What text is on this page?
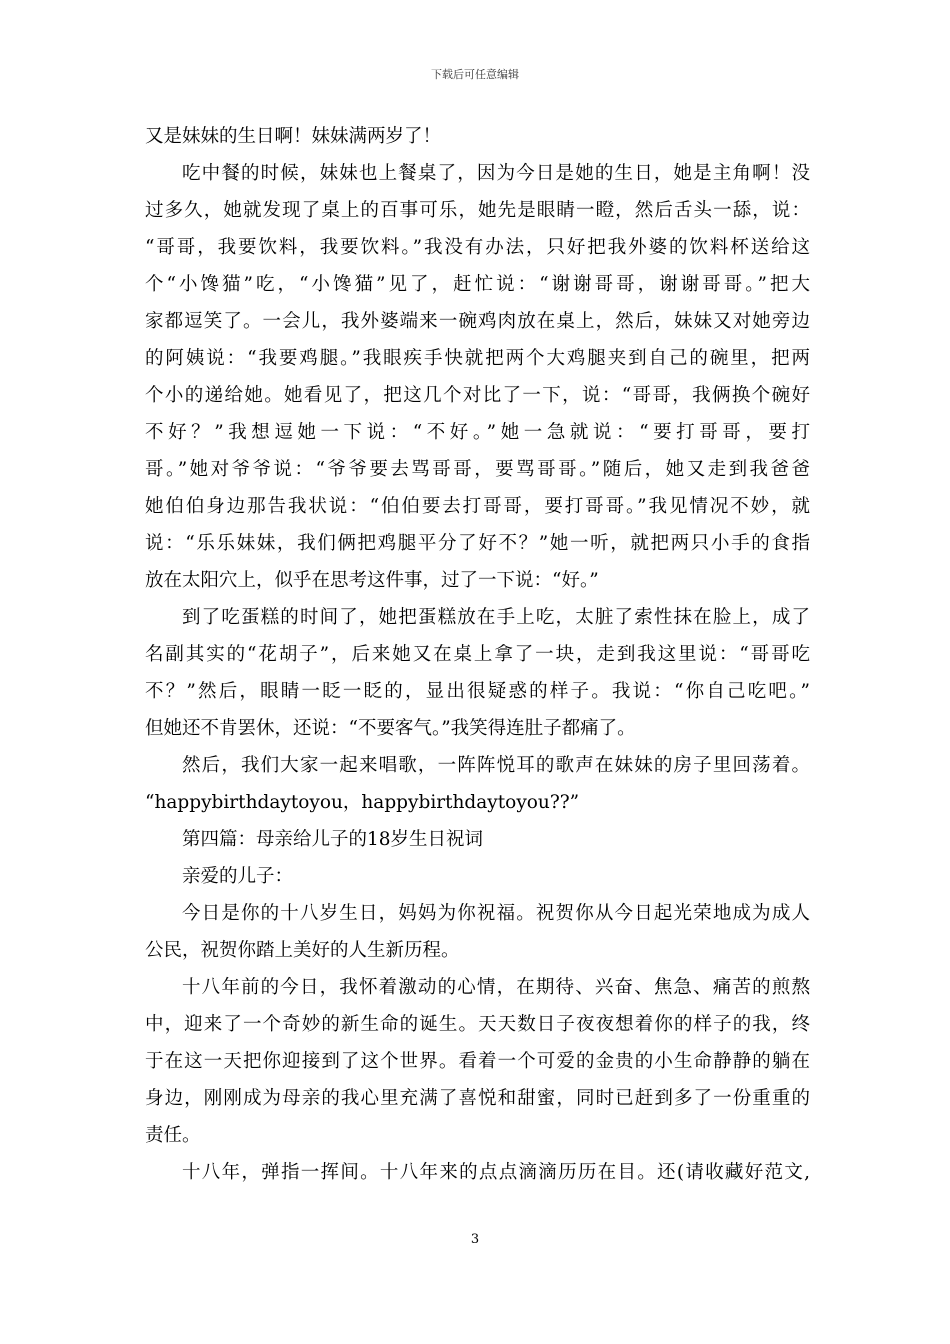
下载后可任意编辑
又是妹妹的生日啊！妹妹满两岁了！
吃中餐的时候，妹妹也上餐桌了，因为今日是她的生日，她是主角啊！没
过多久，她就发现了桌上的百事可乐，她先是眼睛一瞪，然后舌头一舔，说：
“哥哥，我要饮料，我要饮料。”我没有办法，只好把我外婆的饮料杯送给这
个“小馋猫”吃，“小馋猫”见了，赶忙说：“谢谢哥哥，谢谢哥哥。”把大
家都逗笑了。一会儿，我外婆端来一碗鸡肉放在桌上，然后，妹妹又对她旁边
的阿姨说：“我要鸡腿。”我眼疾手快就把两个大鸡腿夹到自己的碗里，把两
个小的递给她。她看见了，把这几个对比了一下，说：“哥哥，我俩换个碗好
不好？”我想逗她一下说：“不好。”她一急就说：“要打哥哥，要打
哥。”她对爷爷说：“爷爷要去骂哥哥，要骂哥哥。”随后，她又走到我爸爸
她伯伯身边那告我状说：“伯伯要去打哥哥，要打哥哥。”我见情况不妙，就
说：“乐乐妹妹，我们俩把鸡腿平分了好不？”她一听，就把两只小手的食指
放在太阳穴上，似乎在思考这件事，过了一下说：“好。”
到了吃蛋糕的时间了，她把蛋糕放在手上吃，太脏了索性抹在脸上，成了
名副其实的“花胡子”，后来她又在桌上拿了一块，走到我这里说：“哥哥吃
不？”然后，眼睛一眨一眨的，显出很疑惑的样子。我说：“你自己吃吧。”
但她还不肯罢休，还说：“不要客气。”我笑得连肚子都痛了。
然后，我们大家一起来唱歌，一阵阵悦耳的歌声在妹妹的房子里回荡着。
“happybirthdaytoyou，happybirthdaytoyou??”
第四篇：母亲给儿子的18岁生日祝词
亲爱的儿子：
今日是你的十八岁生日，妈妈为你祝福。祝贺你从今日起光荣地成为成人
公民，祝贺你踏上美好的人生新历程。
十八年前的今日，我怀着激动的心情，在期待、兴奋、焦急、痛苦的煎熬
中，迎来了一个奇妙的新生命的诞生。天天数日子夜夜想着你的样子的我，终
于在这一天把你迎接到了这个世界。看着一个可爱的金贵的小生命静静的躺在
身边，刚刚成为母亲的我心里充满了喜悦和甜蜜，同时已赶到多了一份重重的
责任。
十八年，弹指一挥间。十八年来的点点滴滴历历在目。还(请收藏好范文,
3
